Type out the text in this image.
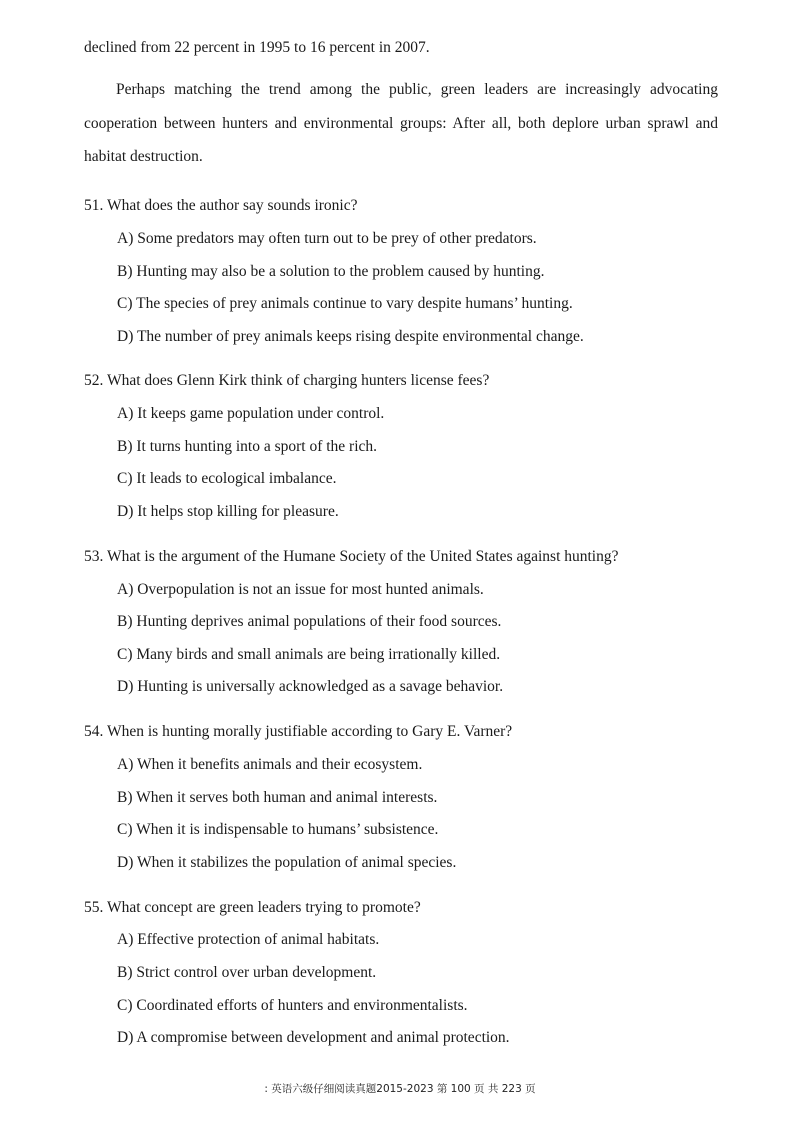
declined from 22 percent in 1995 to 16 percent in 2007.
Perhaps matching the trend among the public, green leaders are increasingly advocating
cooperation between hunters and environmental groups: After all, both deplore urban sprawl and
habitat destruction.
51. What does the author say sounds ironic?
A) Some predators may often turn out to be prey of other predators.
B) Hunting may also be a solution to the problem caused by hunting.
C) The species of prey animals continue to vary despite humans’ hunting.
D) The number of prey animals keeps rising despite environmental change.
52. What does Glenn Kirk think of charging hunters license fees?
A) It keeps game population under control.
B) It turns hunting into a sport of the rich.
C) It leads to ecological imbalance.
D) It helps stop killing for pleasure.
53. What is the argument of the Humane Society of the United States against hunting?
A) Overpopulation is not an issue for most hunted animals.
B) Hunting deprives animal populations of their food sources.
C) Many birds and small animals are being irrationally killed.
D) Hunting is universally acknowledged as a savage behavior.
54. When is hunting morally justifiable according to Gary E. Varner?
A) When it benefits animals and their ecosystem.
B) When it serves both human and animal interests.
C) When it is indispensable to humans’ subsistence.
D) When it stabilizes the population of animal species.
55. What concept are green leaders trying to promote?
A) Effective protection of animal habitats.
B) Strict control over urban development.
C) Coordinated efforts of hunters and environmentalists.
D) A compromise between development and animal protection.
: 英语六级仔细阅读真题2015-2023 第 100 页 共 223 页
